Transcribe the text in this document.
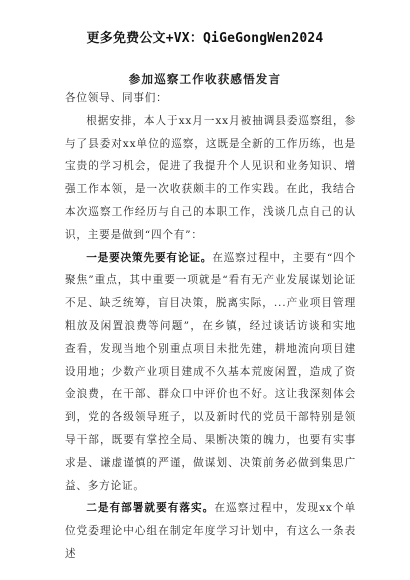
更多免费公文+VX：QiGeGongWen2024
参加巡察工作收获感悟发言

各位领导、同事们：

根据安排，本人于xx月一xx月被抽调县委巡察组，参与了县委对xx单位的巡察，这既是全新的工作历练，也是宝贵的学习机会，促进了我提升个人见识和业务知识、增强工作本领，是一次收获颇丰的工作实践。在此，我结合本次巡察工作经历与自己的本职工作，浅谈几点自己的认识，主要是做到“四个有”：

一是要决策先要有论证。在巡察过程中，主要有“四个聚焦”重点，其中重要一项就是“看有无产业发展谋划论证不足、缺乏统筹，盲目决策，脱离实际，...产业项目管理粗放及闲置浪费等问题”，在乡镇，经过谈话访谈和实地查看，发现当地个别重点项目未批先建，耕地流向项目建设用地；少数产业项目建成不久基本荒废闲置，造成了资金浪费，在干部、群众口中评价也不好。这让我深刻体会到，党的各级领导班子，以及新时代的党员干部特别是领导干部，既要有掌控全局、果断决策的魄力，也要有实事求是、谦虚谨慎的严谨，做谋划、决策前务必做到集思广益、多方论证。

二是有部署就要有落实。在巡察过程中，发现xx个单位党委理论中心组在制定年度学习计划中，有这么一条表述
